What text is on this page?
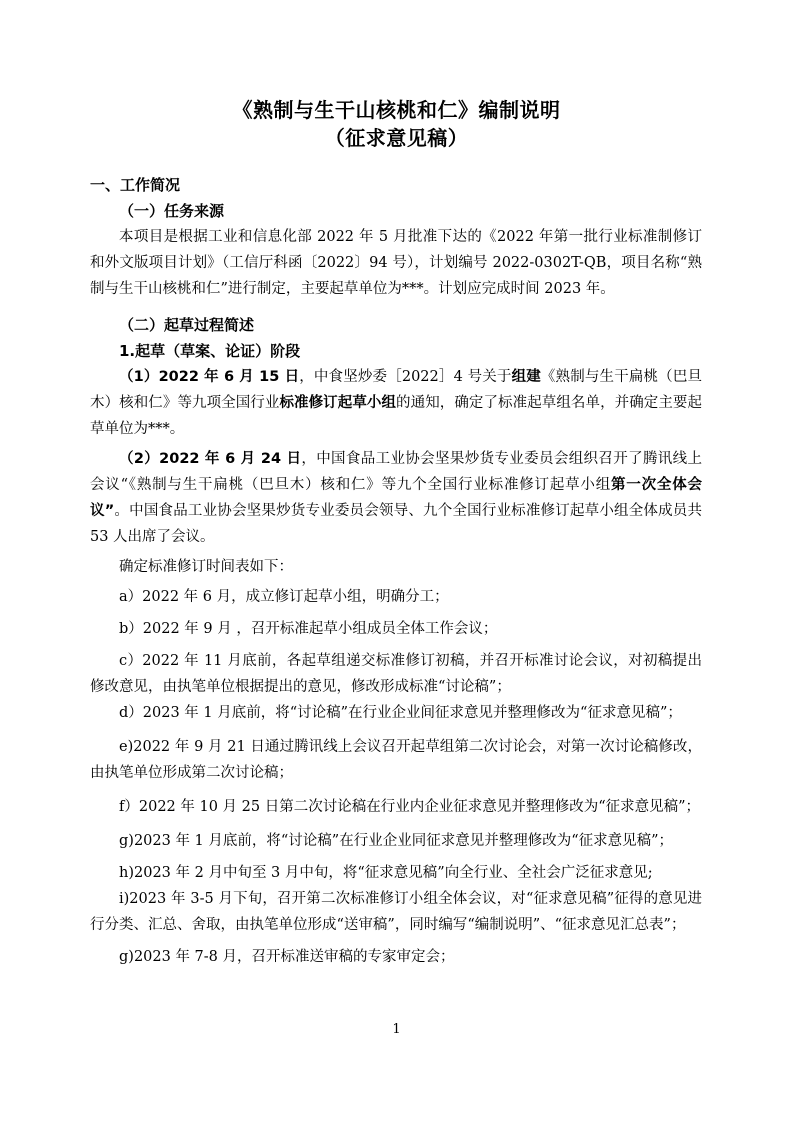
《熟制与生干山核桃和仁》编制说明
（征求意见稿）

一、工作简况

（一）任务来源

本项目是根据工业和信息化部 2022 年 5 月批准下达的《2022 年第一批行业标准制修订和外文版项目计划》（工信厅科函〔2022〕94 号），计划编号 2022-0302T-QB，项目名称“熟制与生干山核桃和仁”进行制定，主要起草单位为***。计划应完成时间 2023 年。

（二）起草过程简述

1.起草（草案、论证）阶段

（1）2022 年 6 月 15 日，中食坚炒委［2022］4 号关于组建《熟制与生干扁桃（巴旦木）核和仁》等九项全国行业标准修订起草小组的通知，确定了标准起草组名单，并确定主要起草单位为***。

（2）2022 年 6 月 24 日，中国食品工业协会坚果炒货专业委员会组织召开了腾讯线上会议“《熟制与生干扁桃（巴旦木）核和仁》等九个全国行业标准修订起草小组第一次全体会议”。中国食品工业协会坚果炒货专业委员会领导、九个全国行业标准修订起草小组全体成员共 53 人出席了会议。

确定标准修订时间表如下：

a）2022 年 6 月，成立修订起草小组，明确分工；

b）2022 年 9 月 ，召开标准起草小组成员全体工作会议；

c）2022 年 11 月底前，各起草组递交标准修订初稿，并召开标准讨论会议，对初稿提出修改意见，由执笔单位根据提出的意见，修改形成标准“讨论稿”；

d）2023 年 1 月底前，将“讨论稿”在行业企业间征求意见并整理修改为“征求意见稿”；

e)2022 年 9 月 21 日通过腾讯线上会议召开起草组第二次讨论会，对第一次讨论稿修改，由执笔单位形成第二次讨论稿；

f）2022 年 10 月 25 日第二次讨论稿在行业内企业征求意见并整理修改为“征求意见稿”；

g)2023 年 1 月底前，将“讨论稿”在行业企业同征求意见并整理修改为“征求意见稿”；

h)2023 年 2 月中旬至 3 月中旬，将“征求意见稿”向全行业、全社会广泛征求意见;

i)2023 年 3-5 月下旬，召开第二次标准修订小组全体会议，对“征求意见稿”征得的意见进行分类、汇总、舍取，由执笔单位形成“送审稿”，同时编写“编制说明”、“征求意见汇总表”；

g)2023 年 7-8 月，召开标准送审稿的专家审定会；

1
